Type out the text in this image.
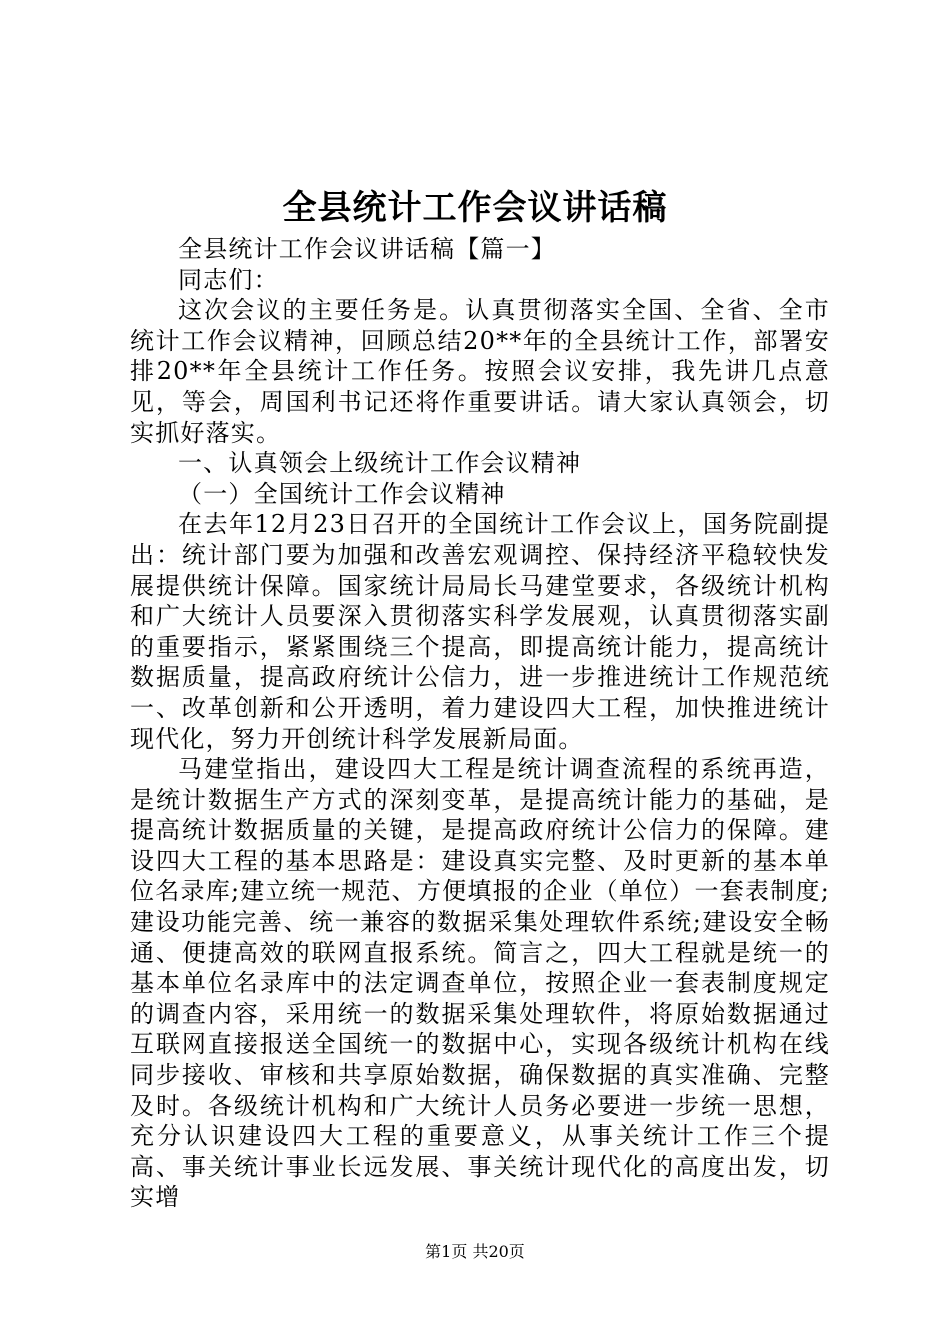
全县统计工作会议讲话稿

全县统计工作会议讲话稿【篇一】

同志们：

这次会议的主要任务是。认真贯彻落实全国、全省、全市统计工作会议精神，回顾总结20**年的全县统计工作，部署安排20**年全县统计工作任务。按照会议安排，我先讲几点意见，等会，周国利书记还将作重要讲话。请大家认真领会，切实抓好落实。

一、认真领会上级统计工作会议精神

（一）全国统计工作会议精神

在去年12月23日召开的全国统计工作会议上，国务院副提出：统计部门要为加强和改善宏观调控、保持经济平稳较快发展提供统计保障。国家统计局局长马建堂要求，各级统计机构和广大统计人员要深入贯彻落实科学发展观，认真贯彻落实副的重要指示，紧紧围绕三个提高，即提高统计能力，提高统计数据质量，提高政府统计公信力，进一步推进统计工作规范统一、改革创新和公开透明，着力建设四大工程，加快推进统计现代化，努力开创统计科学发展新局面。

马建堂指出，建设四大工程是统计调查流程的系统再造，是统计数据生产方式的深刻变革，是提高统计能力的基础，是提高统计数据质量的关键，是提高政府统计公信力的保障。建设四大工程的基本思路是：建设真实完整、及时更新的基本单位名录库;建立统一规范、方便填报的企业（单位）一套表制度;建设功能完善、统一兼容的数据采集处理软件系统;建设安全畅通、便捷高效的联网直报系统。简言之，四大工程就是统一的基本单位名录库中的法定调查单位，按照企业一套表制度规定的调查内容，采用统一的数据采集处理软件，将原始数据通过互联网直接报送全国统一的数据中心，实现各级统计机构在线同步接收、审核和共享原始数据，确保数据的真实准确、完整及时。各级统计机构和广大统计人员务必要进一步统一思想，充分认识建设四大工程的重要意义，从事关统计工作三个提高、事关统计事业长远发展、事关统计现代化的高度出发，切实增

第1页 共20页
